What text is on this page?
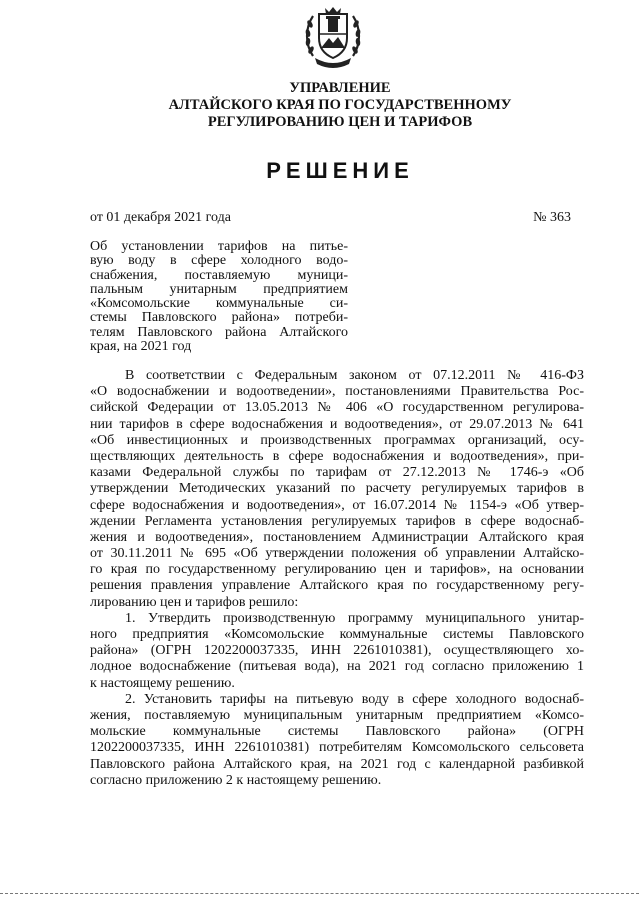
УПРАВЛЕНИЕ
АЛТАЙСКОГО КРАЯ ПО ГОСУДАРСТВЕННОМУ
РЕГУЛИРОВАНИЮ ЦЕН И ТАРИФОВ
РЕШЕНИЕ
от 01 декабря 2021 года	№ 363
Об установлении тарифов на питье-
вую воду в сфере холодного водо-
снабжения, поставляемую муници-
пальным унитарным предприятием
«Комсомольские коммунальные си-
стемы Павловского района» потреби-
телям Павловского района Алтайского
края, на 2021 год
В соответствии с Федеральным законом от 07.12.2011 № 416-ФЗ
«О водоснабжении и водоотведении», постановлениями Правительства Рос-
сийской Федерации от 13.05.2013 № 406 «О государственном регулирова-
нии тарифов в сфере водоснабжения и водоотведения», от 29.07.2013 № 641
«Об инвестиционных и производственных программах организаций, осу-
ществляющих деятельность в сфере водоснабжения и водоотведения», при-
казами Федеральной службы по тарифам от 27.12.2013 № 1746-э «Об
утверждении Методических указаний по расчету регулируемых тарифов в
сфере водоснабжения и водоотведения», от 16.07.2014 № 1154-э «Об утвер-
ждении Регламента установления регулируемых тарифов в сфере водоснаб-
жения и водоотведения», постановлением Администрации Алтайского края
от 30.11.2011 № 695 «Об утверждении положения об управлении Алтайско-
го края по государственному регулированию цен и тарифов», на основании
решения правления управление Алтайского края по государственному регу-
лированию цен и тарифов решило:
1. Утвердить производственную программу муниципального унитар-
ного предприятия «Комсомольские коммунальные системы Павловского
района» (ОГРН 1202200037335, ИНН 2261010381), осуществляющего хо-
лодное водоснабжение (питьевая вода), на 2021 год согласно приложению 1
к настоящему решению.
2. Установить тарифы на питьевую воду в сфере холодного водоснаб-
жения, поставляемую муниципальным унитарным предприятием «Комсо-
мольские коммунальные системы Павловского района» (ОГРН
1202200037335, ИНН 2261010381) потребителям Комсомольского сельсовета
Павловского района Алтайского края, на 2021 год с календарной разбивкой
согласно приложению 2 к настоящему решению.
